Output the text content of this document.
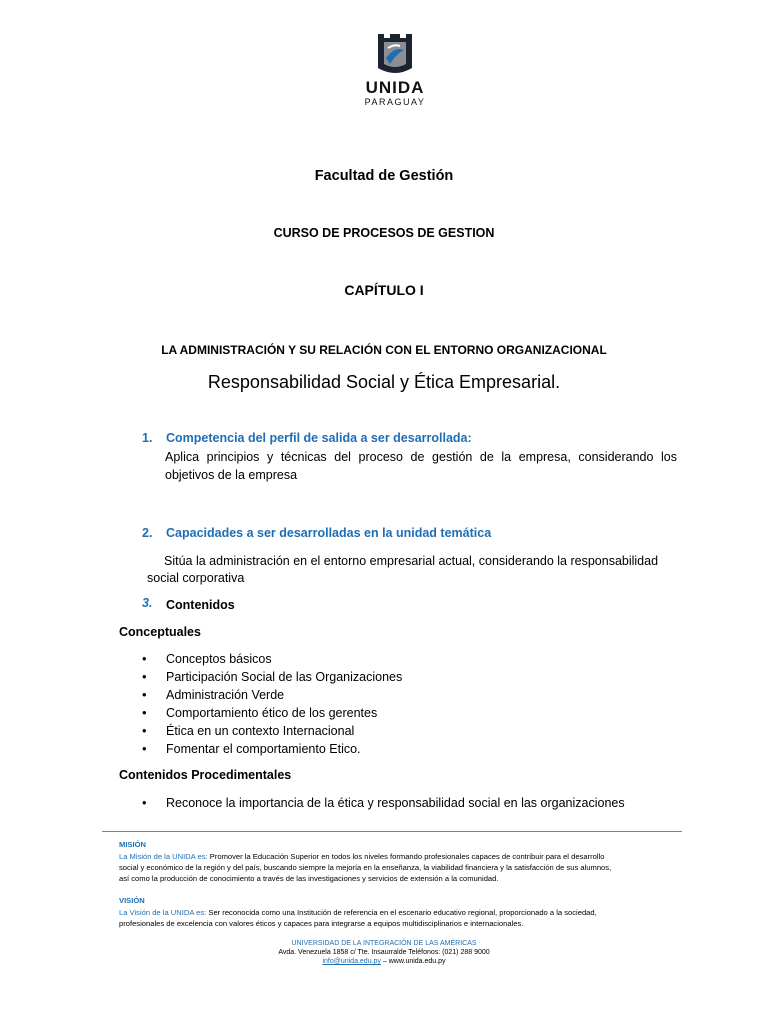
UNIDA
PARAGUAY
Facultad de Gestión
CURSO DE PROCESOS DE GESTION
CAPÍTULO I
LA ADMINISTRACIÓN Y SU RELACIÓN CON EL ENTORNO ORGANIZACIONAL
Responsabilidad Social y Ética Empresarial.
1. Competencia del perfil de salida a ser desarrollada:
Aplica principios y técnicas del proceso de gestión de la empresa, considerando los
objetivos de la empresa
2. Capacidades a ser desarrolladas en la unidad temática
Sitúa la administración en el entorno empresarial actual, considerando la responsabilidad
social corporativa
3. Contenidos
Conceptuales
• Conceptos básicos
• Participación Social de las Organizaciones
• Administración Verde
• Comportamiento ético de los gerentes
• Ética en un contexto Internacional
• Fomentar el comportamiento Etico.
Contenidos Procedimentales
• Reconoce la importancia de la ética y responsabilidad social en las organizaciones
MISIÓN
La Misión de la UNIDA es: Promover la Educación Superior en todos los niveles formando profesionales capaces de contribuir para el desarrollo
social y económico de la región y del país, buscando siempre la mejoría en la enseñanza, la viabilidad financiera y la satisfacción de sus alumnos,
así como la producción de conocimiento a través de las investigaciones y servicios de extensión a la comunidad.
VISIÓN
La Visión de la UNIDA es: Ser reconocida como una Institución de referencia en el escenario educativo regional, proporcionado a la sociedad,
profesionales de excelencia con valores éticos y capaces para integrarse a equipos multidisciplinarios e internacionales.
UNIVERSIDAD DE LA INTEGRACIÓN DE LAS AMÉRICAS
Avda. Venezuela 1858 c/ Tte. Insaurralde Teléfonos: (021) 288 9000
info@unida.edu.py – www.unida.edu.py
